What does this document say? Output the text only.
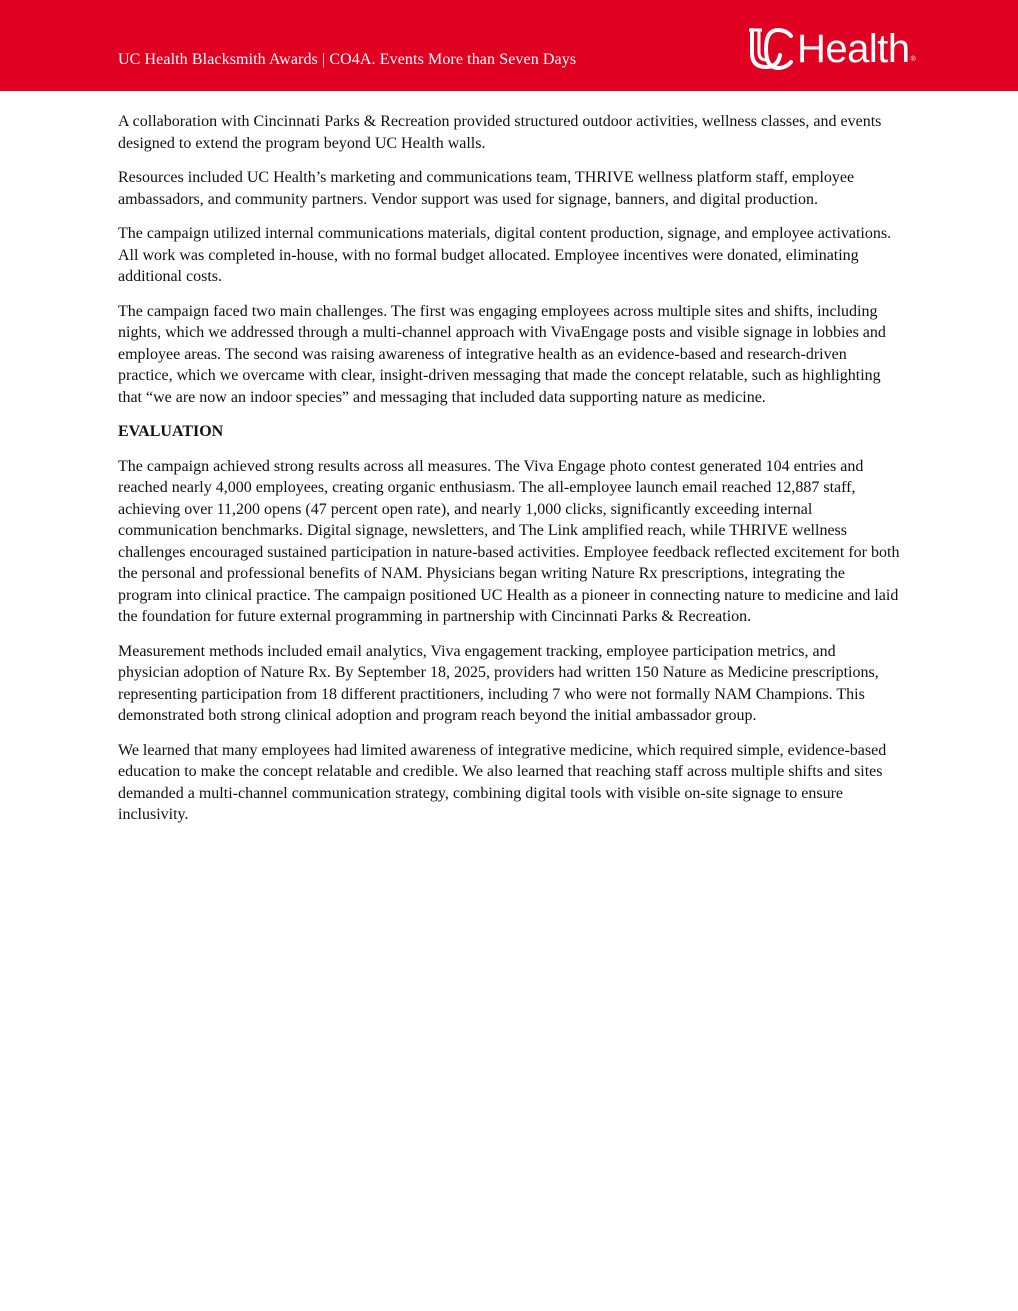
UC Health Blacksmith Awards | CO4A. Events More than Seven Days	Health ®

A collaboration with Cincinnati Parks & Recreation provided structured outdoor activities, wellness classes, and events designed to extend the program beyond UC Health walls.

Resources included UC Health’s marketing and communications team, THRIVE wellness platform staff, employee ambassadors, and community partners. Vendor support was used for signage, banners, and digital production.

The campaign utilized internal communications materials, digital content production, signage, and employee activations. All work was completed in-house, with no formal budget allocated. Employee incentives were donated, eliminating additional costs.

The campaign faced two main challenges. The first was engaging employees across multiple sites and shifts, including nights, which we addressed through a multi-channel approach with VivaEngage posts and visible signage in lobbies and employee areas. The second was raising awareness of integrative health as an evidence-based and research-driven practice, which we overcame with clear, insight-driven messaging that made the concept relatable, such as highlighting that “we are now an indoor species” and messaging that included data supporting nature as medicine.

EVALUATION

The campaign achieved strong results across all measures. The Viva Engage photo contest generated 104 entries and reached nearly 4,000 employees, creating organic enthusiasm. The all-employee launch email reached 12,887 staff, achieving over 11,200 opens (47 percent open rate), and nearly 1,000 clicks, significantly exceeding internal communication benchmarks. Digital signage, newsletters, and The Link amplified reach, while THRIVE wellness challenges encouraged sustained participation in nature-based activities. Employee feedback reflected excitement for both the personal and professional benefits of NAM. Physicians began writing Nature Rx prescriptions, integrating the program into clinical practice. The campaign positioned UC Health as a pioneer in connecting nature to medicine and laid the foundation for future external programming in partnership with Cincinnati Parks & Recreation.

Measurement methods included email analytics, Viva engagement tracking, employee participation metrics, and physician adoption of Nature Rx. By September 18, 2025, providers had written 150 Nature as Medicine prescriptions, representing participation from 18 different practitioners, including 7 who were not formally NAM Champions. This demonstrated both strong clinical adoption and program reach beyond the initial ambassador group.

We learned that many employees had limited awareness of integrative medicine, which required simple, evidence-based education to make the concept relatable and credible. We also learned that reaching staff across multiple shifts and sites demanded a multi-channel communication strategy, combining digital tools with visible on-site signage to ensure inclusivity.
